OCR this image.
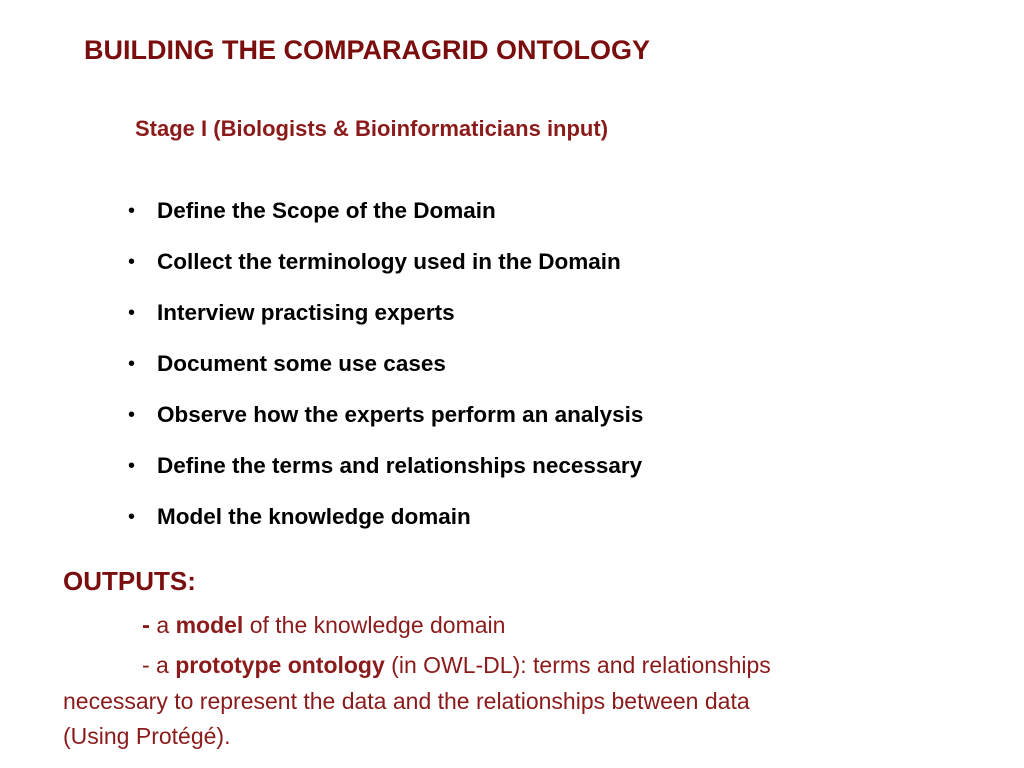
BUILDING THE COMPARAGRID ONTOLOGY
Stage I (Biologists & Bioinformaticians input)
• Define the Scope of the Domain
• Collect the terminology used in the Domain
• Interview practising experts
• Document some use cases
• Observe how the experts perform an analysis
• Define the terms and relationships necessary
• Model the knowledge domain
OUTPUTS:
- a model of the knowledge domain
- a prototype ontology (in OWL-DL): terms and relationships
necessary to represent the data and the relationships between data
(Using Protégé).
